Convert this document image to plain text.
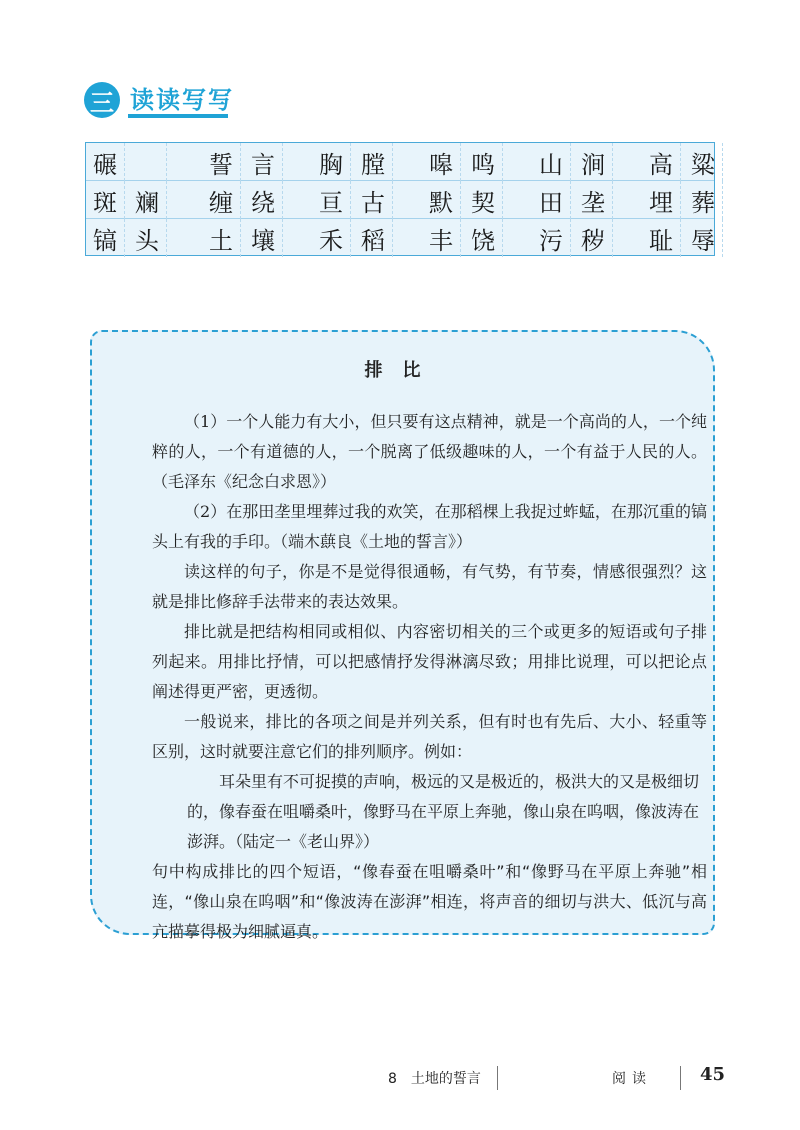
三 读读写写
碾	誓 言 胸 膛 嗥 鸣 山 涧 高 粱
斑 斓 缠 绕 亘 古 默 契 田 垄 埋 葬
镐 头 土 壤 禾 稻 丰 饶 污 秽 耻 辱
排比

（1）一个人能力有大小，但只要有这点精神，就是一个高尚的人，一个纯粹的人，一个有道德的人，一个脱离了低级趣味的人，一个有益于人民的人。（毛泽东《纪念白求恩》）

（2）在那田垄里埋葬过我的欢笑，在那稻棵上我捉过蚱蜢，在那沉重的镐头上有我的手印。（端木蕻良《土地的誓言》）

读这样的句子，你是不是觉得很通畅，有气势，有节奏，情感很强烈？这就是排比修辞手法带来的表达效果。

排比就是把结构相同或相似、内容密切相关的三个或更多的短语或句子排列起来。用排比抒情，可以把感情抒发得淋漓尽致；用排比说理，可以把论点阐述得更严密，更透彻。

一般说来，排比的各项之间是并列关系，但有时也有先后、大小、轻重等区别，这时就要注意它们的排列顺序。例如：

耳朵里有不可捉摸的声响，极远的又是极近的，极洪大的又是极细切的，像春蚕在咀嚼桑叶，像野马在平原上奔驰，像山泉在呜咽，像波涛在澎湃。（陆定一《老山界》）

句中构成排比的四个短语，“像春蚕在咀嚼桑叶”和“像野马在平原上奔驰”相连，“像山泉在呜咽”和“像波涛在澎湃”相连，将声音的细切与洪大、低沉与高亢描摹得极为细腻逼真。

8　土地的誓言	阅读	45
